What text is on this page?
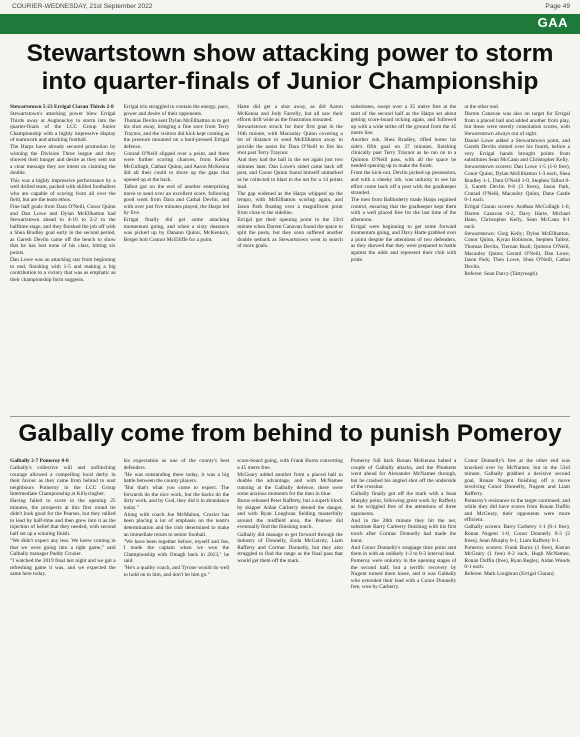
COURIER-WEDNESDAY, 21st September 2022	Page 49
GAA
Stewartstown show attacking power to storm into quarter-finals of Junior Championship

Stewartstown 5-23 Errigal Ciaran Thirds 2-8

Stewartstown's attacking power blew Errigal Thirds away at Aughnacloy to storm into the quarter-finals of the LCC Group Junior Championship with a highly impressive display of teamwork and attacking football.

The Harps have already secured promotion by winning the Division Three league and they showed their hunger and desire as they sent out a clear message they are intent on claiming the double.

This was a highly impressive performance by a well drilled team, packed with skilled footballers who are capable of scoring from all over the field, but are the team ethos.

Fine half goals from Dara O'Neill, Conor Quinn and Dan Lowe and Dylan McEllhatton had Stewartstown ahead to 4-10 to 2-2 in the halftime stage, and they finished the job off with a Shea Bradley goal early in the second period, as Gareth Devlin came off the bench to show that he has lost none of his class, hitting six points.

Dan Lowe was an attacking star from beginning to end, finishing with 1-5 and making a big contribution to a victory that was as emphatic as their championship form suggests.

Errigal trio struggled to contain the energy, pace, power and desire of their opponents.

Thomas Devlin sent Dylan McEllhatton in to get his shot away, bringing a fine save from Terry Traynor, and the visitors did kick kept coming as the pressure mounted on a hard-pressed Errigal defence.

Conrad O'Neill slipped over a point, and there were further scoring chances, from Kellen McGullagh, Cathair Quinn, and Aaron McKenna did all their could to shore up the gaps that opened up at the back.

Talbot got on the end of another enterprising move to send over an excellent score, following good work from Dara and Cathal Devlin, and with over just five minutes played, the Harps led by five.

Errigal finally did get some attacking momentum going, and when a sixty dearance was picked up by Danann Quinn, McKenna's, Berger bolt Connor McElliffe for a point.

Harte did get a shot away, as did Aaron McKenna and Jody Farrelly, but all saw their efforts drift wide as the frustration mounted.

Stewartstown struck for their first goal in the 16th minute, with Macaulay Quinn covering a lot of distance to send McEllhatton away to provide the assist for Dara O'Neill to fire his shot past Terry Traynor.

And they had the ball in the net again just two minutes later. Dan Lowe's sided came back off post, and Conor Quinn found himself unmarked as he collected to blast to the net for a 14 points lead.

The gap widened as the Harps whipped up the tempo, with McEllhatton scoring again, and Jason Park floating over a magnificent point from close to the sideline.

Errigal got their opening point in the 23rd minute when Darren Canavan found the space to split the posts, but they soon suffered another double setback as Stewartstown went in search of more goals.

substitutes, swept over a 35 metre free at the start of the second half as the Harps set about getting score-board ticking again, and followed up with a wide strike off the ground from the 45 metre line.

Another sub, Shea Bradley, rifled home his side's fifth goal on 37 minutes, finishing clinically past Terry Traynor as he ran on to a Quinton O'Neill pass, with all the space he needed opening up to make the finish.

From the kick-out, Devlin picked up possession, and with a cheeky lob, was unlucky to see his effort come back off a post with the goalkeeper stranded.

The men from Ballinderry made Harps regained control, ensuring that the goalkeeper kept them with a well placed free for the last time of the afternoon.

Errigal were beginning to get some forward momentum going, and Davy Harte grabbed over a point despite the attentions of two defenders, as they showed that they were prepared to battle against the odds and represent their club with pride.

at the other end.

Darren Canavan was also on target for Errigal from a placed ball and added another from play, but these were merely consolation scores, with Stewartstown always out of sight.

Daniel Lowe added a Stewartstown point, and Gareth Devlin slotted over his fourth, before a very Errigal hands brought points from substitutes Sean McCann and Christopher Kelly.

Stewartstown scorers: Dan Lowe 1-5 (1-0 free), Conor Quinn, Dylan McEllhatton 1-3 each, Shea Bradley 1-1, Dara O'Neill 1-0, Stephen Talbot 0-3, Gareth Devlin 0-6 (3 frees), Jason Park, Conrad O'Neill, Macauley Quinn, Dane Castle 0-1 each.

Errigal Ciaran scorers: Aodhan McCullagh 1-0, Darren Canavan 0-2, Davy Harte, Michael Hane, Christopher Kelly, Sean McCann 0-1 each.

Stewartstown: Greg Kelly; Dylan McEllhatton, Conor Quinn, Kyran Robinson, Stephen Talbot, Thomas Devlin, Tiernan Bush; Quinton O'Neill, Macauley Quinn; Gerard O'Neill, Dan Lowe, Jason Park; Theo Lowe, Shea O'Neill, Cathal Devlin.

Referee: Sean Darcy (Tattyreagh).

Galbally come from behind to punish Pomeroy

Galbally 2-7 Pomeroy 0-8

Galbally's collective will and unflinching courage allowed a compelling local derby in their favour as they came from behind to oust neighbours Pomeroy in the LCC Group Intermediate Championship at Killyclogher.

Having failed to score in the opening 25 minutes, the prospects at this first round tie didn't look good for the Pearses, but they rallied to lead by half-time and then grew into it as the injection of belief that they needed, with second half set up a winning finish.

"We didn't expect any less. We knew coming in that we were going into a tight game," said Galbally manager Paddy Crozier.

"I watched the 2019 final last night and we got a refreshing game it was, and we expected the same here today.

his expectation as one of the county's best defenders.

"He was outstanding there today, it was a big battle between the county players.

"But that's what you come to expect. The forwards do the nice work, but the backs do the dirty work, and by God, they did it in abundance today."

Along with coach Joe McMahon, Crozier has been placing a lot of emphasis on the team's determination and the club determined to make an immediate return to senior football.

"We have been together before, myself and Joe, I made the captain when we won the Championship with Omagh back in 2013," he said.

"He's a quality coach, and Tyrone would do well to hold on to him, and don't let him go."

score-board going, with Frank Burns converting a 45 metre free.

McGeary added another from a placed ball to double the advantage, and with McNamee running at the Galbally defence, there were some anxious moments for the men in blue.

Burns released Peter Rafferty, but a superb block by skipper Aidan Carberry denied the danger, and with Ryan Loughran fielding masterfully around the midfield area, the Pearses did eventually find the finishing touch.

Galbally did manage to get forward through the industry of Donnelly, Enda McGarrity, Liam Rafferty and Cormac Donnelly, but they also struggled to find the range as the final pass that would get them off the mark.

Pomeroy full back Ronan McKenna halted a couple of Galbally attacks, and the Plunketts went ahead for Alexander McNamee through, but he crashed his angled shot off the underside of the crossbar.

Galbally finally got off the mark with a Sean Murphy point, following great work by Rafferty as he wriggled free of the attentions of three opponents.

And in the 28th minute they hit the net, substitute Barry Carberry finishing with his first touch after Cormac Donnelly had made the burst.

And Conor Donnelly's stoppage time point sent them in with an unlikely 1-2 to 0-3 interval lead.

Pomeroy were unlucky in the opening stages of the second half, but a terrific recovery by Nugent turned them loose, and it was Galbally who extended their lead with a Conor Donnelly free, won by Carberry.

Conor Donnelly's free at the other end was knocked over by McNamee, but in the 53rd minute, Galbally grabbed a decisive second goal, Ronan Nugent finishing off a move involving Conor Donnelly, Nugent and Liam Rafferty.

Pomeroy's resistance to the target continued, and while they did have scores from Ronan Duffin and McGeary, their opponents were more efficient.

Galbally scorers: Barry Carberry 1-1 (0-1 free), Ronan Nugent 1-0, Conor Donnelly 0-3 (2 frees), Sean Murphy 0-1, Liam Rafferty 0-1.

Pomeroy scorers: Frank Burns (1 free), Kieran McGeary (1 free) 0-2 each, Hugh McNamee, Ronan Duffin (free), Ryan Begley, Aidan Woods 0-1 each.

Referee: Mark Loughran (Errigal Ciaran).
